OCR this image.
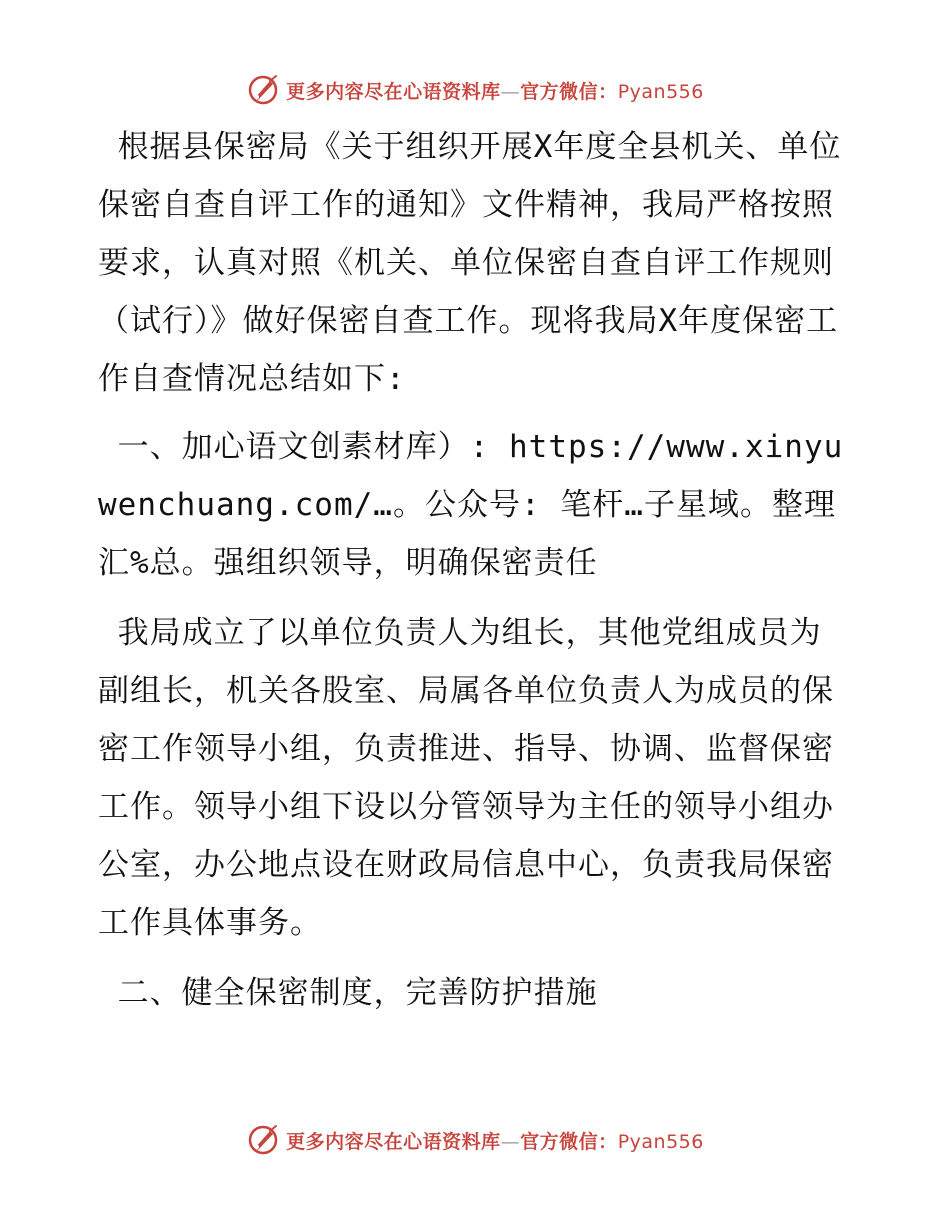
更多内容尽在心语资料库—官方微信：Pyan556

根据县保密局《关于组织开展X年度全县机关、单位保密自查自评工作的通知》文件精神，我局严格按照要求，认真对照《机关、单位保密自查自评工作规则（试行）》做好保密自查工作。现将我局X年度保密工作自查情况总结如下:

一、加心语文创素材库）: https://www.xinyuwenchuang.com/…。公众号: 笔杆…子星域。整理汇%总。强组织领导，明确保密责任

我局成立了以单位负责人为组长，其他党组成员为副组长，机关各股室、局属各单位负责人为成员的保密工作领导小组，负责推进、指导、协调、监督保密工作。领导小组下设以分管领导为主任的领导小组办公室，办公地点设在财政局信息中心，负责我局保密工作具体事务。

二、健全保密制度，完善防护措施

更多内容尽在心语资料库—官方微信：Pyan556
